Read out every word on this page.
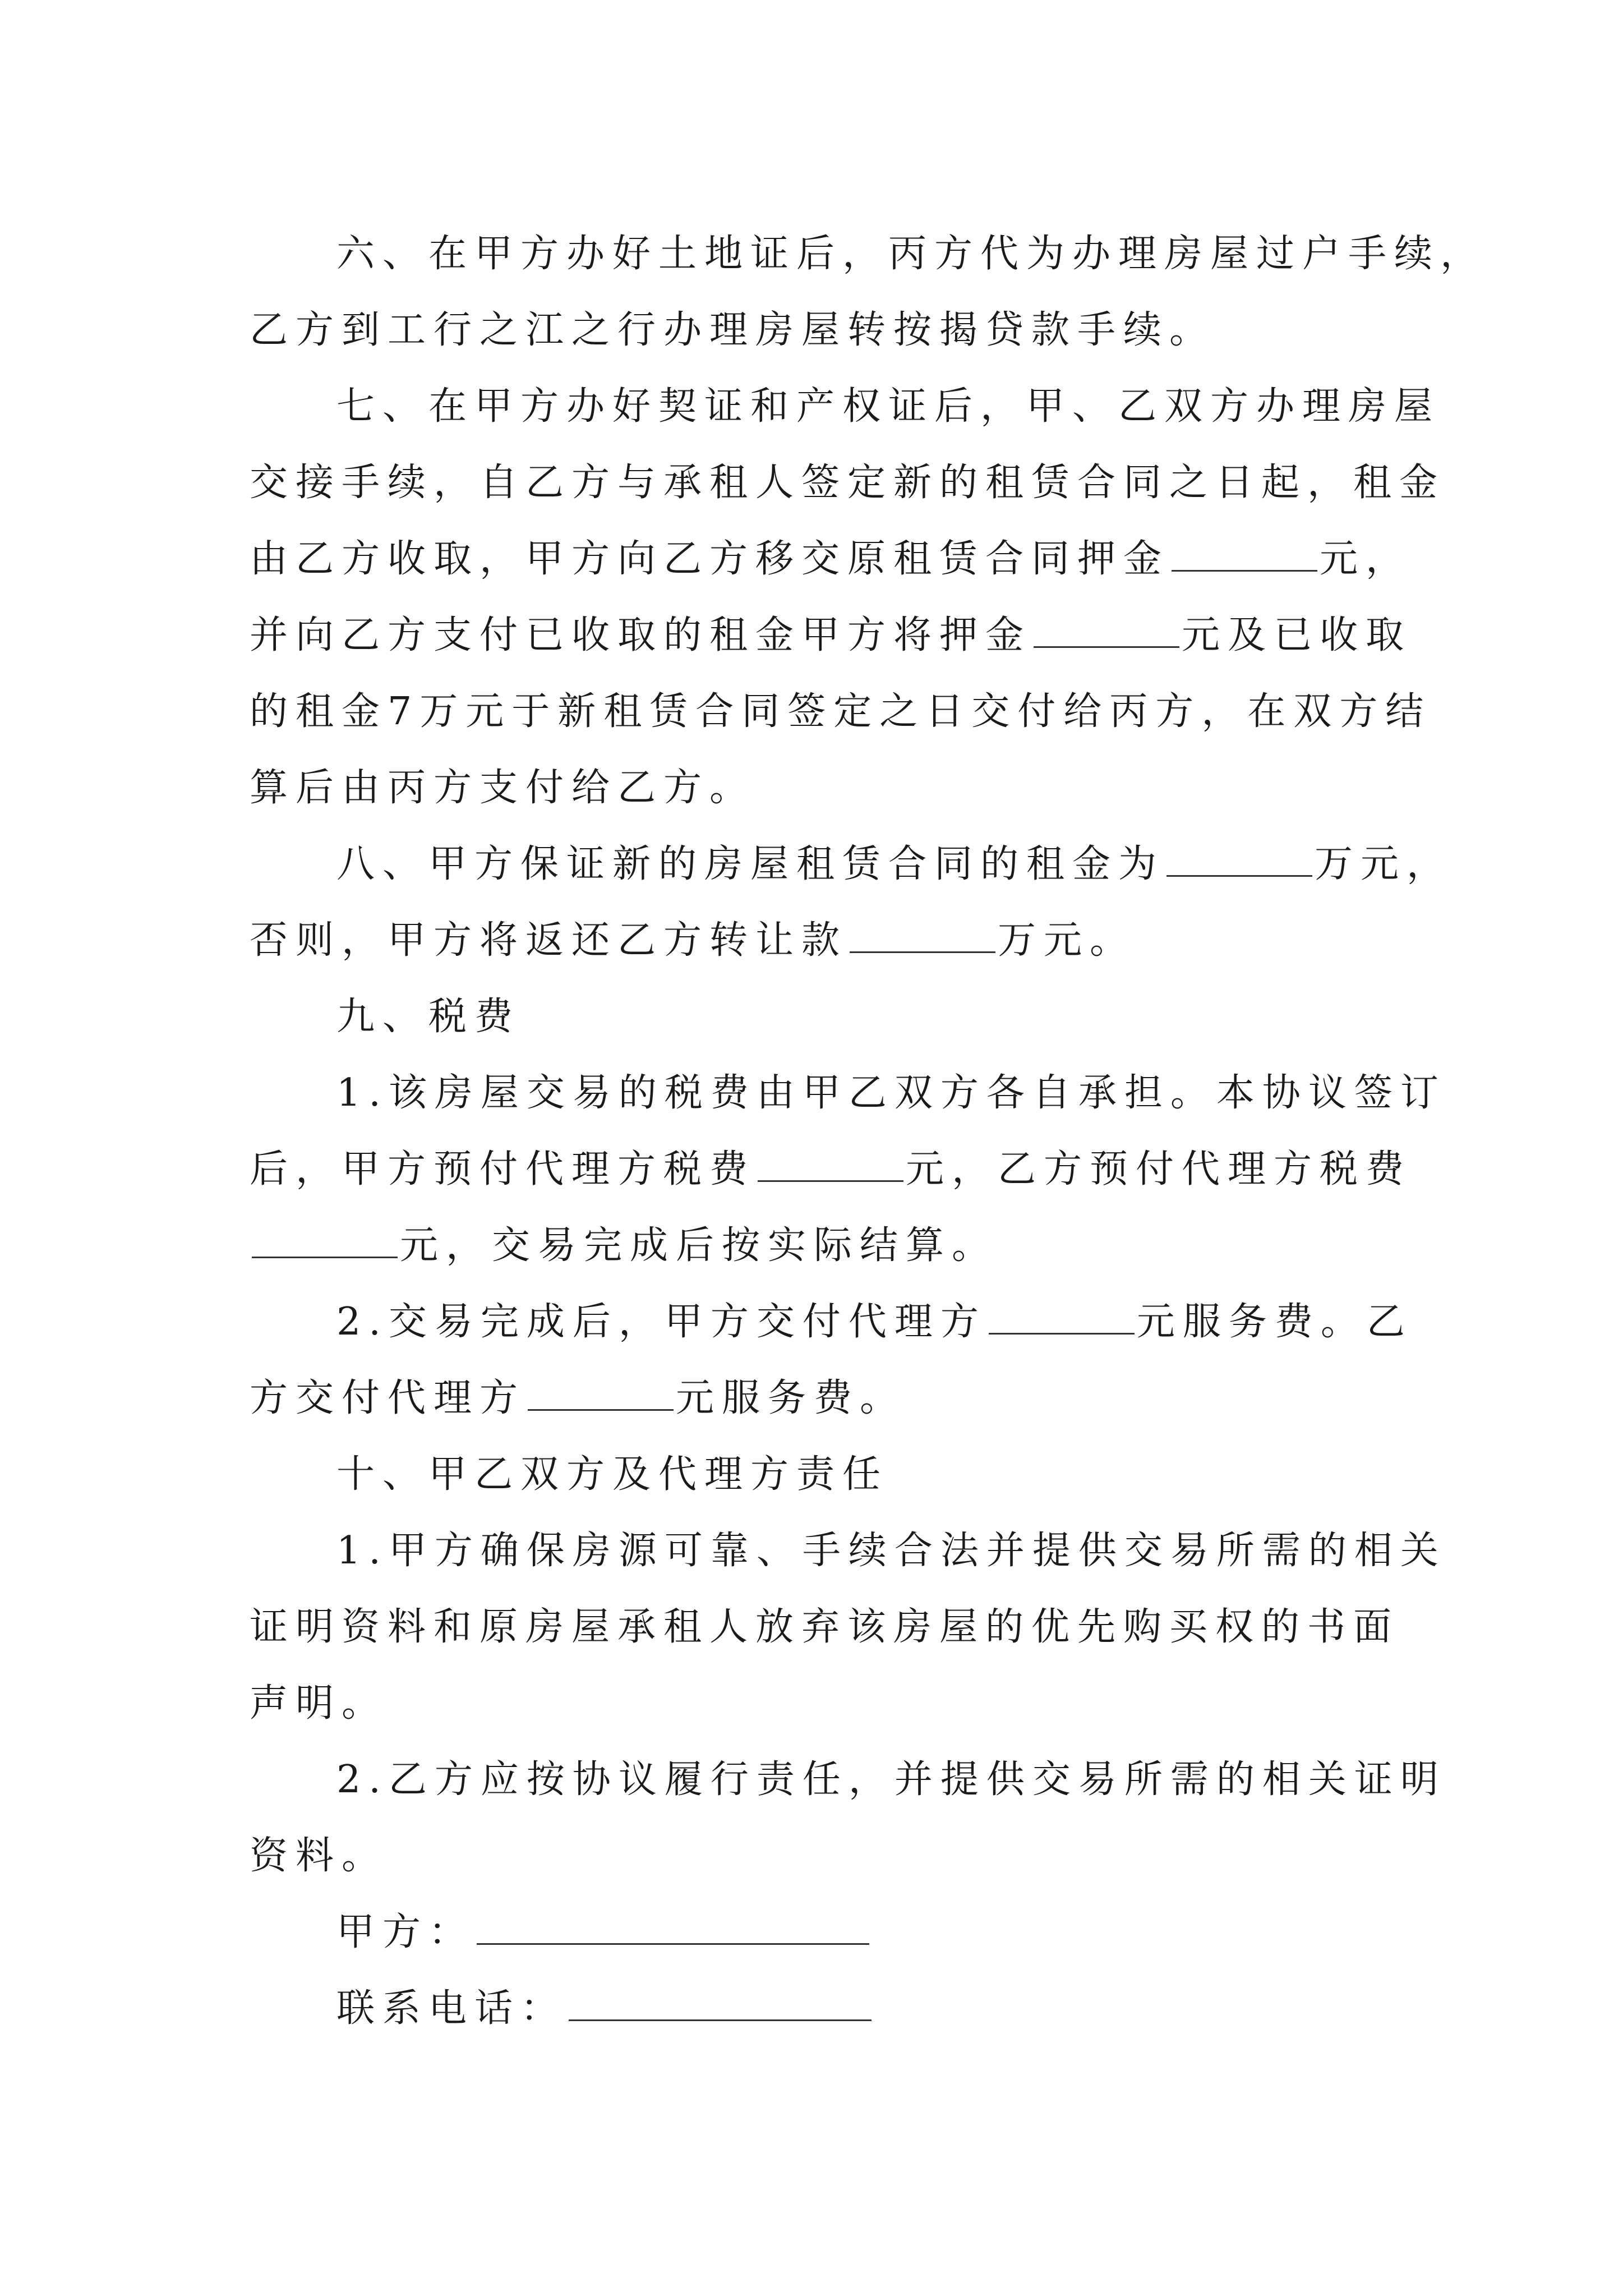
六、在甲方办好土地证后，丙方代为办理房屋过户手续，
乙方到工行之江之行办理房屋转按揭贷款手续。
七、在甲方办好契证和产权证后，甲、乙双方办理房屋
交接手续，自乙方与承租人签定新的租赁合同之日起，租金
由乙方收取，甲方向乙方移交原租赁合同押金	元，
并向乙方支付已收取的租金甲方将押金	元及已收取
的租金7万元于新租赁合同签定之日交付给丙方，在双方结
算后由丙方支付给乙方。
八、甲方保证新的房屋租赁合同的租金为	万元，
否则，甲方将返还乙方转让款	万元。
九、税费
1.该房屋交易的税费由甲乙双方各自承担。本协议签订
后，甲方预付代理方税费	元，乙方预付代理方税费
元，交易完成后按实际结算。
2.交易完成后，甲方交付代理方	元服务费。乙
方交付代理方	元服务费。
十、甲乙双方及代理方责任
1.甲方确保房源可靠、手续合法并提供交易所需的相关
证明资料和原房屋承租人放弃该房屋的优先购买权的书面
声明。
2.乙方应按协议履行责任，并提供交易所需的相关证明
资料。
甲方：
联系电话：
